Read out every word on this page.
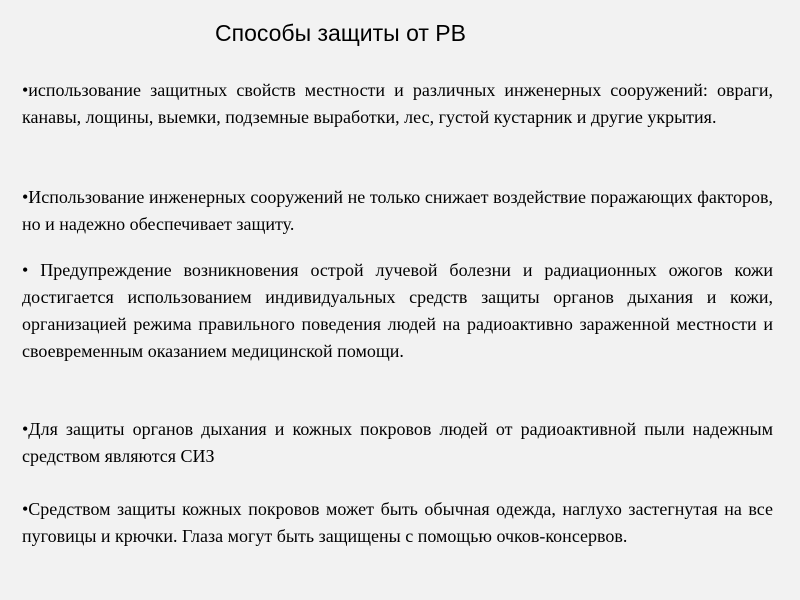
Способы защиты от РВ

•использование защитных свойств местности и различных инженерных сооружений: овраги, канавы, лощины, выемки, подземные выработки, лес, густой кустарник и другие укрытия.

•Использование инженерных сооружений не только снижает воздействие поражающих факторов, но и надежно обеспечивает защиту.

• Предупреждение возникновения острой лучевой болезни и радиационных ожогов кожи достигается использованием индивидуальных средств защиты органов дыхания и кожи, организацией режима правильного поведения людей на радиоактивно зараженной местности и своевременным оказанием медицинской помощи.

•Для защиты органов дыхания и кожных покровов людей от радиоактивной пыли надежным средством являются СИЗ

•Средством защиты кожных покровов может быть обычная одежда, наглухо застегнутая на все пуговицы и крючки. Глаза могут быть защищены с помощью очков-консервов.
